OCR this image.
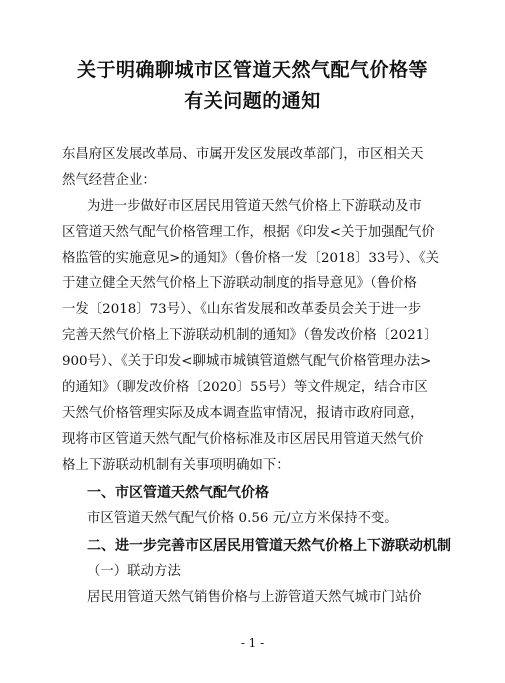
关于明确聊城市区管道天然气配气价格等
有关问题的通知
东昌府区发展改革局、市属开发区发展改革部门，市区相关天
然气经营企业：
为进一步做好市区居民用管道天然气价格上下游联动及市
区管道天然气配气价格管理工作，根据《印发<关于加强配气价
格监管的实施意见>的通知》（鲁价格一发〔2018〕33号）、《关
于建立健全天然气价格上下游联动制度的指导意见》（鲁价格
一发〔2018〕73号）、《山东省发展和改革委员会关于进一步
完善天然气价格上下游联动机制的通知》（鲁发改价格〔2021〕
900号）、《关于印发<聊城市城镇管道燃气配气价格管理办法>
的通知》（聊发改价格〔2020〕55号）等文件规定，结合市区
天然气价格管理实际及成本调查监审情况，报请市政府同意，
现将市区管道天然气配气价格标准及市区居民用管道天然气价
格上下游联动机制有关事项明确如下：
一、市区管道天然气配气价格
市区管道天然气配气价格 0.56 元/立方米保持不变。
二、进一步完善市区居民用管道天然气价格上下游联动机制
（一）联动方法
居民用管道天然气销售价格与上游管道天然气城市门站价
- 1 -
